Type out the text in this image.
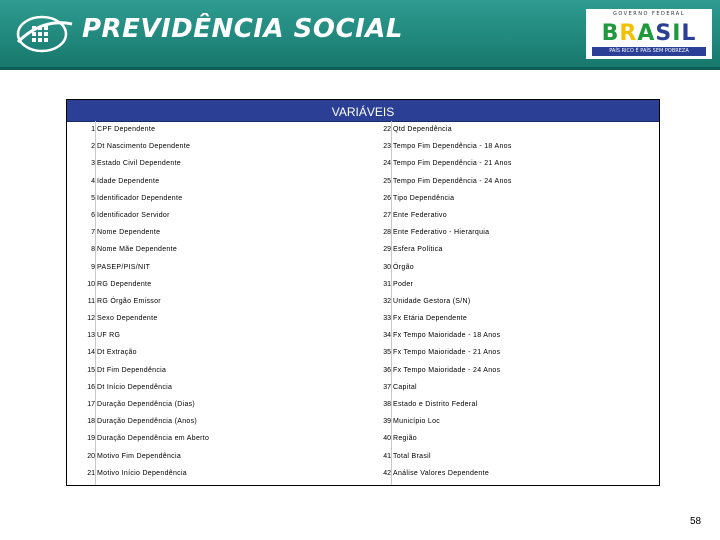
PREVIDÊNCIA SOCIAL	GOVERNO FEDERAL
BRASIL
PAÍS RICO É PAÍS SEM POBREZA
VARIÁVEIS
1 CPF Dependente
2 Dt Nascimento Dependente
3 Estado Civil Dependente
4 Idade Dependente
5 Identificador Dependente
6 Identificador Servidor
7 Nome Dependente
8 Nome Mãe Dependente
9 PASEP/PIS/NIT
10 RG Dependente
11 RG Órgão Emissor
12 Sexo Dependente
13 UF RG
14 Dt Extração
15 Dt Fim Dependência
16 Dt Início Dependência
17 Duração Dependência (Dias)
18 Duração Dependência (Anos)
19 Duração Dependência em Aberto
20 Motivo Fim Dependência
21 Motivo Início Dependência
22 Qtd Dependência
23 Tempo Fim Dependência - 18 Anos
24 Tempo Fim Dependência - 21 Anos
25 Tempo Fim Dependência - 24 Anos
26 Tipo Dependência
27 Ente Federativo
28 Ente Federativo - Hierarquia
29 Esfera Política
30 Órgão
31 Poder
32 Unidade Gestora (S/N)
33 Fx Etária Dependente
34 Fx Tempo Maioridade - 18 Anos
35 Fx Tempo Maioridade - 21 Anos
36 Fx Tempo Maioridade - 24 Anos
37 Capital
38 Estado e Distrito Federal
39 Município Loc
40 Região
41 Total Brasil
42 Análise Valores Dependente
58
